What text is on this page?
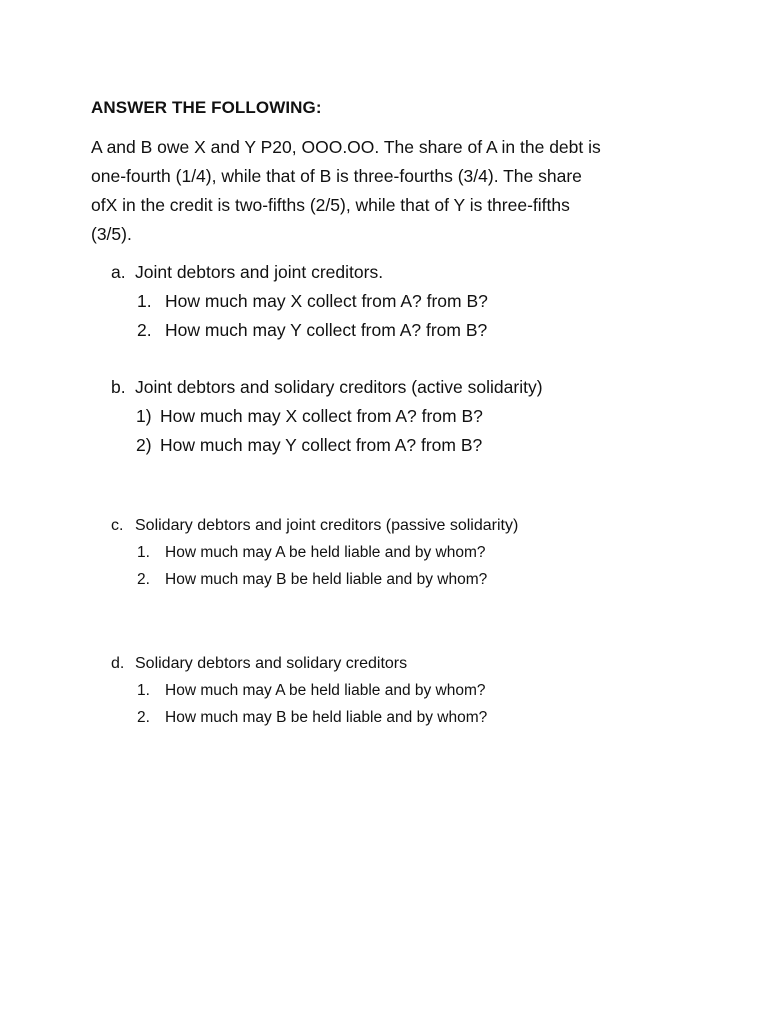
ANSWER THE FOLLOWING:
A and B owe X and Y P20, OOO.OO. The share of A in the debt is
one-fourth (1/4), while that of B is three-fourths (3/4). The share
ofX in the credit is two-fifths (2/5), while that of Y is three-fifths
(3/5).
a. Joint debtors and joint creditors.
1. How much may X collect from A? from B?
2. How much may Y collect from A? from B?
b. Joint debtors and solidary creditors (active solidarity)
1) How much may X collect from A? from B?
2) How much may Y collect from A? from B?
c. Solidary debtors and joint creditors (passive solidarity)
1. How much may A be held liable and by whom?
2. How much may B be held liable and by whom?
d. Solidary debtors and solidary creditors
1. How much may A be held liable and by whom?
2. How much may B be held liable and by whom?
